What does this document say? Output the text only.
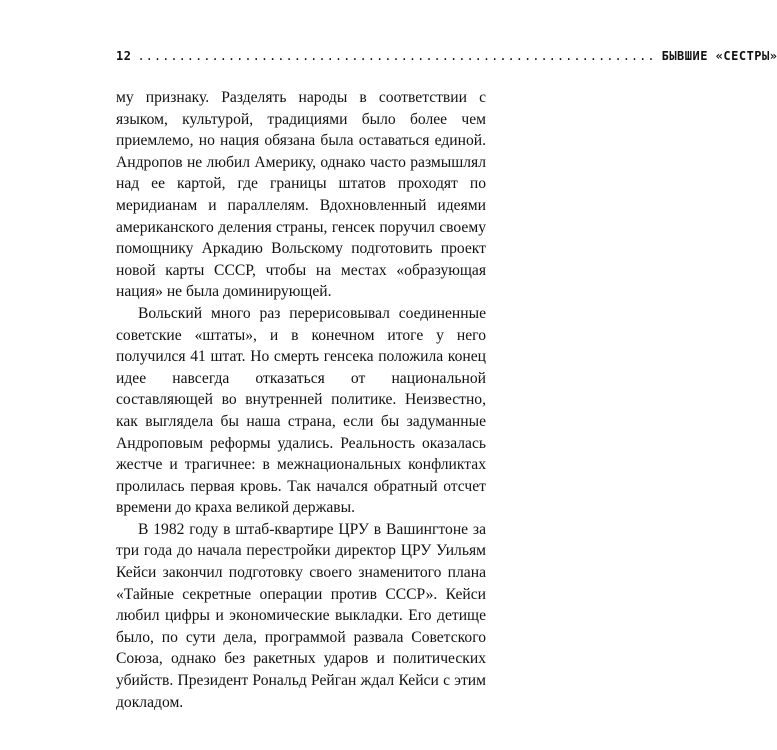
12 ............................................................... БЫВШИЕ «СЕСТРЫ»

му признаку. Разделять народы в соответствии с языком, культурой, традициями было более чем приемлемо, но нация обязана была оставаться единой. Андропов не любил Америку, однако часто размышлял над ее картой, где границы штатов проходят по меридианам и параллелям. Вдохновленный идеями американского деления страны, генсек поручил своему помощнику Аркадию Вольскому подготовить проект новой карты СССР, чтобы на местах «образующая нация» не была доминирующей.

Вольский много раз перерисовывал соединенные советские «штаты», и в конечном итоге у него получился 41 штат. Но смерть генсека положила конец идее навсегда отказаться от национальной составляющей во внутренней политике. Неизвестно, как выглядела бы наша страна, если бы задуманные Андроповым реформы удались. Реальность оказалась жестче и трагичнее: в межнациональных конфликтах пролилась первая кровь. Так начался обратный отсчет времени до краха великой державы.

В 1982 году в штаб-квартире ЦРУ в Вашингтоне за три года до начала перестройки директор ЦРУ Уильям Кейси закончил подготовку своего знаменитого плана «Тайные секретные операции против СССР». Кейси любил цифры и экономические выкладки. Его детище было, по сути дела, программой развала Советского Союза, однако без ракетных ударов и политических убийств. Президент Рональд Рейган ждал Кейси с этим докладом.
